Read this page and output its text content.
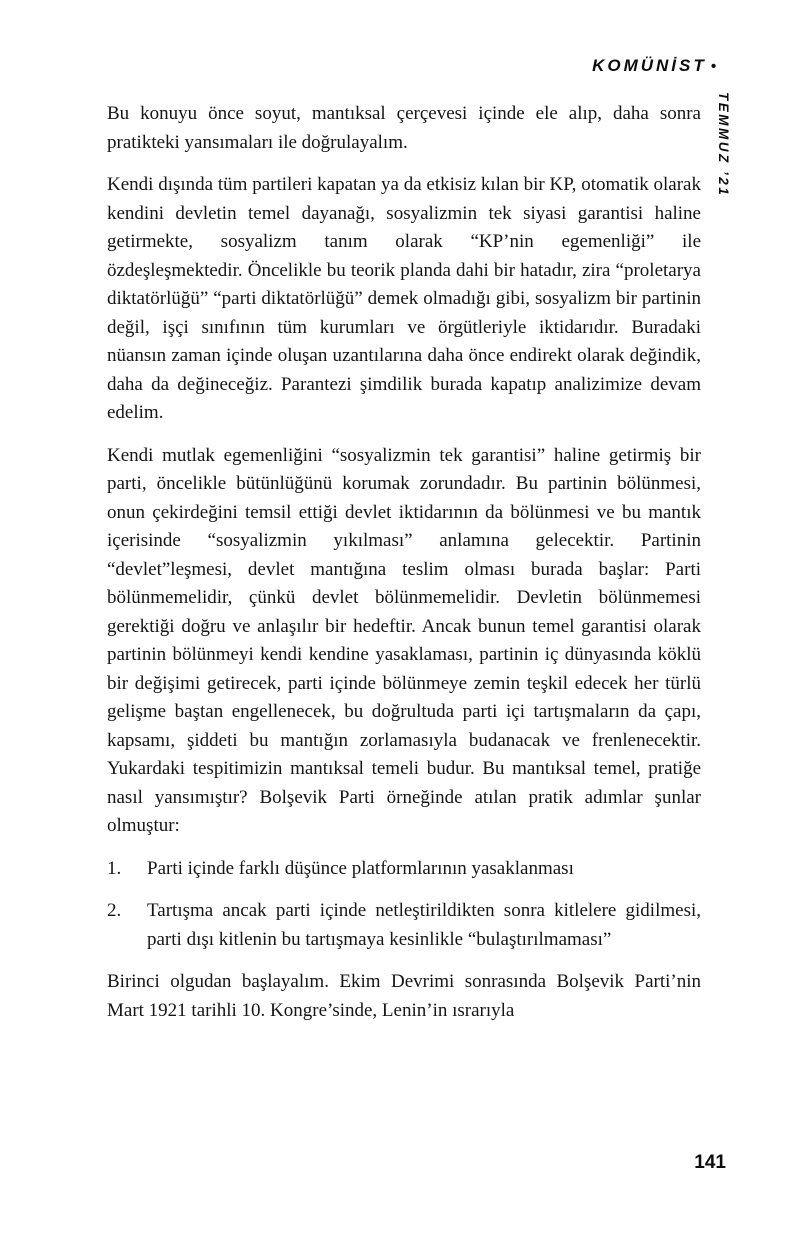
KOMÜNİST •
TEMMUZ ’21

Bu konuyu önce soyut, mantıksal çerçevesi içinde ele alıp, daha sonra pratikteki yansımaları ile doğrulayalım.

Kendi dışında tüm partileri kapatan ya da etkisiz kılan bir KP, otomatik olarak kendini devletin temel dayanağı, sosyalizmin tek siyasi garantisi haline getirmekte, sosyalizm tanım olarak “KP’nin egemenliği” ile özdeşleşmektedir. Öncelikle bu teorik planda dahi bir hatadır, zira “proletarya diktatörlüğü” “parti diktatörlüğü” demek olmadığı gibi, sosyalizm bir partinin değil, işçi sınıfının tüm kurumları ve örgütleriyle iktidarıdır. Buradaki nüansın zaman içinde oluşan uzantılarına daha önce endirekt olarak değindik, daha da değineceğiz. Parantezi şimdilik burada kapatıp analizimize devam edelim.

Kendi mutlak egemenliğini “sosyalizmin tek garantisi” haline getirmiş bir parti, öncelikle bütünlüğünü korumak zorundadır. Bu partinin bölünmesi, onun çekirdeğini temsil ettiği devlet iktidarının da bölünmesi ve bu mantık içerisinde “sosyalizmin yıkılması” anlamına gelecektir. Partinin “devlet”leşmesi, devlet mantığına teslim olması burada başlar: Parti bölünmemelidir, çünkü devlet bölünmemelidir. Devletin bölünmemesi gerektiği doğru ve anlaşılır bir hedeftir. Ancak bunun temel garantisi olarak partinin bölünmeyi kendi kendine yasaklaması, partinin iç dünyasında köklü bir değişimi getirecek, parti içinde bölünmeye zemin teşkil edecek her türlü gelişme baştan engellenecek, bu doğrultuda parti içi tartışmaların da çapı, kapsamı, şiddeti bu mantığın zorlamasıyla budanacak ve frenlenecektir. Yukardaki tespitimizin mantıksal temeli budur. Bu mantıksal temel, pratiğe nasıl yansımıştır? Bolşevik Parti örneğinde atılan pratik adımlar şunlar olmuştur:

1.	Parti içinde farklı düşünce platformlarının yasaklanması
2.	Tartışma ancak parti içinde netleştirildikten sonra kitlelere gidilmesi, parti dışı kitlenin bu tartışmaya kesinlikle “bulaştırılmaması”

Birinci olgudan başlayalım. Ekim Devrimi sonrasında Bolşevik Parti’nin Mart 1921 tarihli 10. Kongre’sinde, Lenin’in ısrarıyla

141
